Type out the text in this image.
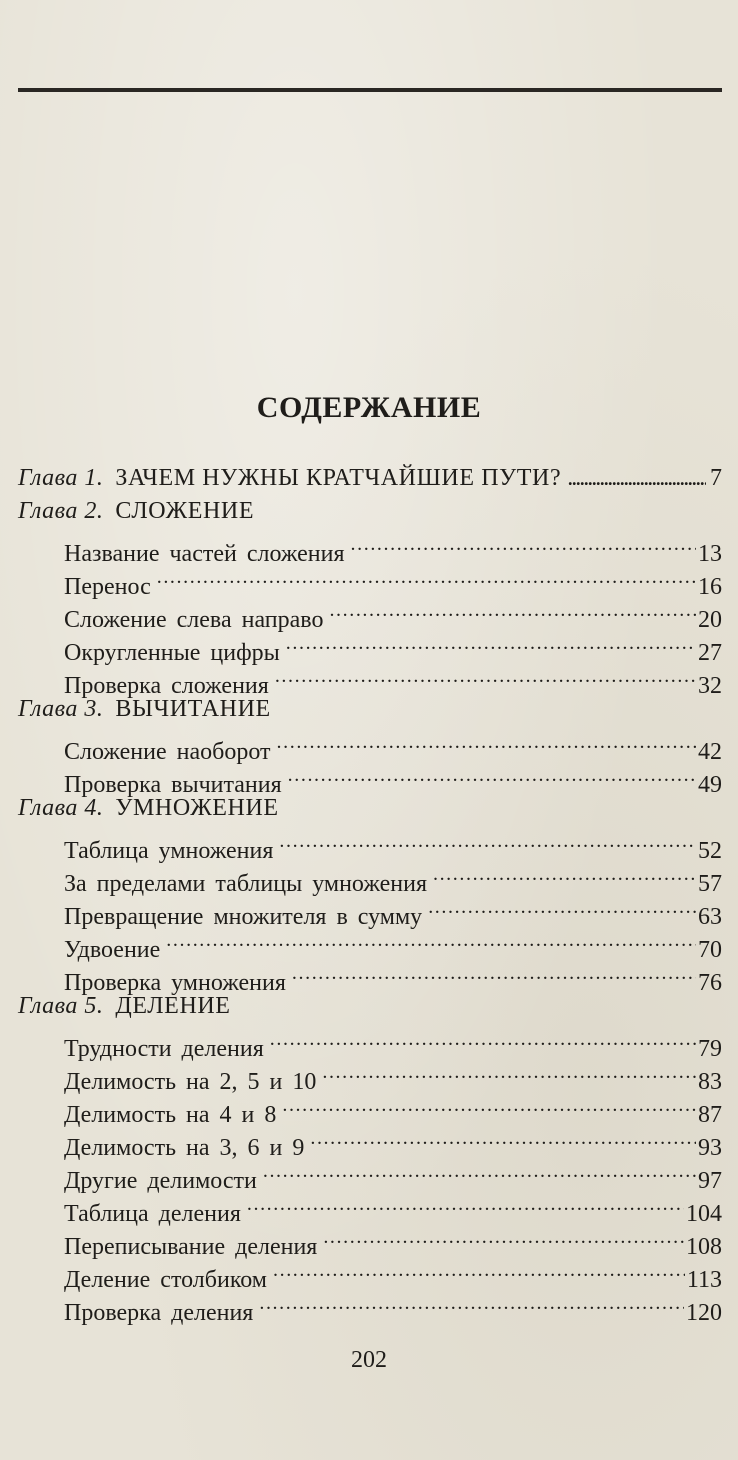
СОДЕРЖАНИЕ
Глава 1. ЗАЧЕМ НУЖНЫ КРАТЧАЙШИЕ ПУТИ? . . .	7
Глава 2. СЛОЖЕНИЕ
Название частей сложения .....	13
Перенос .....	16
Сложение слева направо .....	20
Округленные цифры .....	27
Проверка сложения .....	32
Глава 3. ВЫЧИТАНИЕ
Сложение наоборот .....	42
Проверка вычитания .....	49
Глава 4. УМНОЖЕНИЕ
Таблица умножения .....	52
За пределами таблицы умножения .....	57
Превращение множителя в сумму .....	63
Удвоение .....	70
Проверка умножения .....	76
Глава 5. ДЕЛЕНИЕ
Трудности деления .....	79
Делимость на 2, 5 и 10 .....	83
Делимость на 4 и 8 .....	87
Делимость на 3, 6 и 9 .....	93
Другие делимости .....	97
Таблица деления .....	104
Переписывание деления .....	108
Деление столбиком .....	113
Проверка деления .....	120
202
